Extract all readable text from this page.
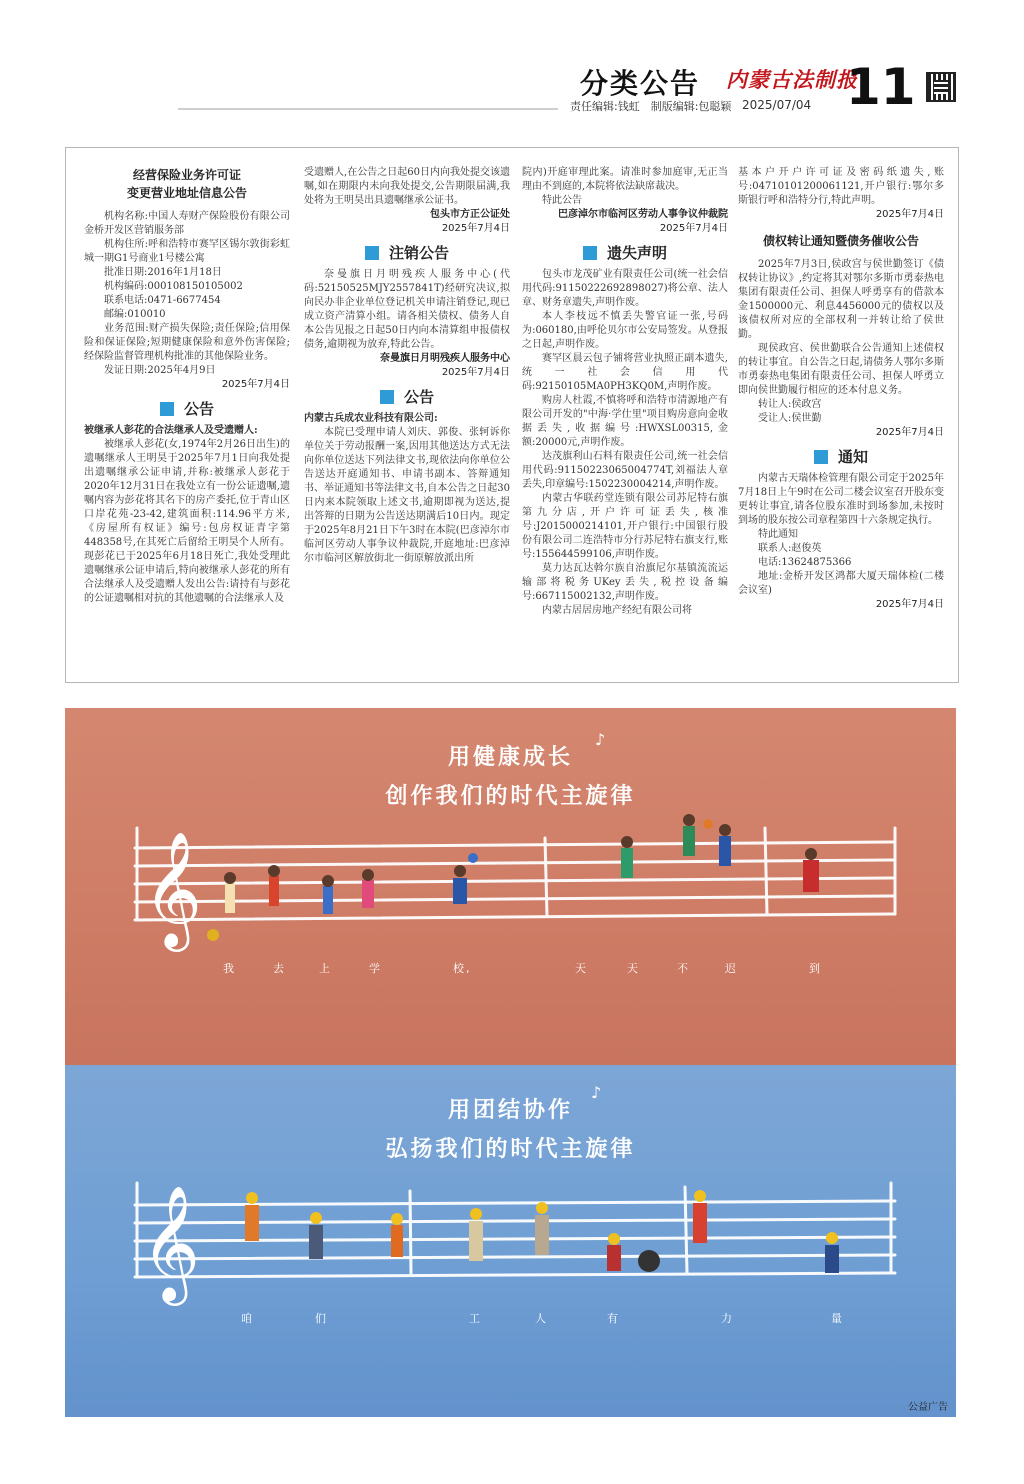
分类公告 内蒙古法制报
11
责任编辑:钱虹　制版编辑:包聪颖 2025/07/04
经营保险业务许可证
变更营业地址信息公告

机构名称:中国人寿财产保险股份有限公司金桥开发区营销服务部

机构住所:呼和浩特市赛罕区锡尔敦街彩虹城一期G1号商业1号楼公寓

批准日期:2016年1月18日

机构编码:000108150105002

联系电话:0471-6677454

邮编:010010

业务范围:财产损失保险;责任保险;信用保险和保证保险;短期健康保险和意外伤害保险;经保险监督管理机构批准的其他保险业务。

发证日期:2025年4月9日

2025年7月4日
公告

被继承人彭花的合法继承人及受遗赠人:

被继承人彭花(女,1974年2月26日出生)的遗嘱继承人王明昊于2025年7月1日向我处提出遗嘱继承公证申请,并称:被继承人彭花于2020年12月31日在我处立有一份公证遗嘱,遗嘱内容为彭花将其名下的房产委托,位于青山区口岸花苑-23-42,建筑面积:114.96平方米,《房屋所有权证》编号:包房权证青字第448358号,在其死亡后留给王明昊个人所有。现彭花已于2025年6月18日死亡,我处受理此遗嘱继承公证申请后,特向被继承人彭花的所有合法继承人及受遗赠人发出公告:请持有与彭花的公证遗嘱相对抗的其他遗嘱的合法继承人及

受遗赠人,在公告之日起60日内向我处提交该遗嘱,如在期限内未向我处提交,公告期限届满,我处将为王明昊出具遗嘱继承公证书。

包头市方正公证处
2025年7月4日
注销公告

奈曼旗日月明残疾人服务中心(代码:52150525MJY2557841T)经研究决议,拟向民办非企业单位登记机关申请注销登记,现已成立资产清算小组。请各相关债权、债务人自本公告见报之日起50日内向本清算组申报债权债务,逾期视为放弃,特此公告。

奈曼旗日月明残疾人服务中心
2025年7月4日
公告

内蒙古兵成农业科技有限公司:

本院已受理申请人刘庆、郭俊、张轲诉你单位关于劳动报酬一案,因用其他送达方式无法向你单位送达下列法律文书,现依法向你单位公告送达开庭通知书、申请书副本、答辩通知书、举证通知书等法律文书,自本公告之日起30日内来本院领取上述文书,逾期即视为送达,提出答辩的日期为公告送达期满后10日内。现定于2025年8月21日下午3时在本院(巴彦淖尔市临河区劳动人事争议仲裁院,开庭地址:巴彦淖尔市临河区解放街北一街原解放派出所

院内)开庭审理此案。请准时参加庭审,无正当理由不到庭的,本院将依法缺席裁决。

特此公告

巴彦淖尔市临河区劳动人事争议仲裁院
2025年7月4日
遗失声明

包头市龙茂矿业有限责任公司(统一社会信用代码:91150222692898027)将公章、法人章、财务章遗失,声明作废。

本人李枝远不慎丢失警官证一张,号码为:060180,由呼伦贝尔市公安局签发。从登报之日起,声明作废。

赛罕区晨云包子铺将营业执照正副本遗失,统一社会信用代码:92150105MA0PH3KQ0M,声明作废。

购房人杜霞,不慎将呼和浩特市清源地产有限公司开发的"中海·学仕里"项目购房意向金收据丢失,收据编号:HWXSL00315,金额:20000元,声明作废。

达茂旗利山石料有限责任公司,统一社会信用代码:91150223065004774T,刘福法人章丢失,印章编号:1502230004214,声明作废。

内蒙古华联药堂连锁有限公司苏尼特右旗第九分店,开户许可证丢失,核准号:J2015000214101,开户银行:中国银行股份有限公司二连浩特市分行苏尼特右旗支行,账号:155644599106,声明作废。

莫力达瓦达斡尔族自治旗尼尔基镇流流运输部将税务UKey丢失,税控设备编号:667115002132,声明作废。

内蒙古居居房地产经纪有限公司将

基本户开户许可证及密码纸遗失,账号:04710101200061121,开户银行:鄂尔多斯银行呼和浩特分行,特此声明。

2025年7月4日
债权转让通知暨债务催收公告

2025年7月3日,侯政宫与侯世勤签订《债权转让协议》,约定将其对鄂尔多斯市勇泰热电集团有限责任公司、担保人呼勇享有的借款本金1500000元、利息4456000元的债权以及该债权所对应的全部权利一并转让给了侯世勤。

现侯政宫、侯世勤联合公告通知上述债权的转让事宜。自公告之日起,请债务人鄂尔多斯市勇泰热电集团有限责任公司、担保人呼勇立即向侯世勤履行相应的还本付息义务。

转让人:侯政宫

受让人:侯世勤

2025年7月4日
通知

内蒙古天瑞体检管理有限公司定于2025年7月18日上午9时在公司二楼会议室召开股东变更转让事宜,请各位股东准时到场参加,未按时到场的股东按公司章程第四十六条规定执行。

特此通知

联系人:赵俊英

电话:13624875366

地址:金桥开发区鸿都大厦天瑞体检(二楼会议室)

2025年7月4日
用健康成长
创作我们的时代主旋律
♪
𝄞
我	去	上	学	校,	天	天	不	迟	到
用团结协作
弘扬我们的时代主旋律
♪
𝄞
咱	们	工	人	有	力	量
公益广告
